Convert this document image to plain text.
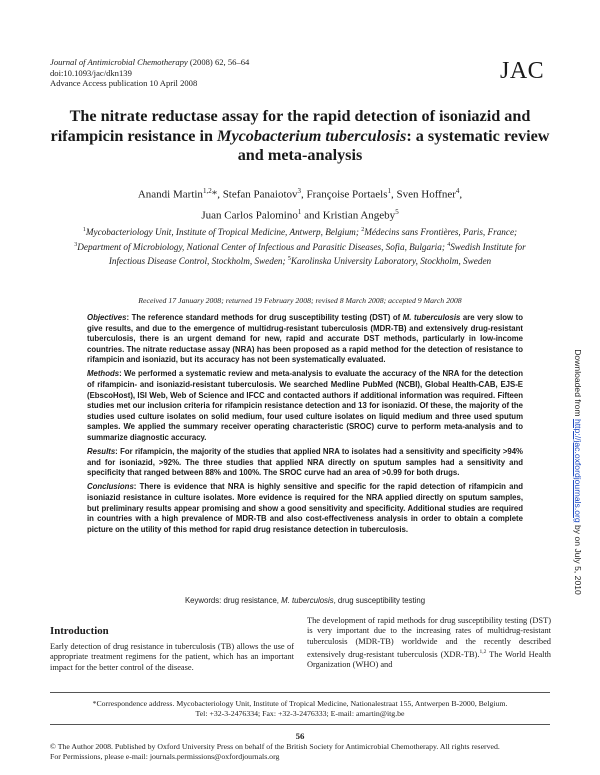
Journal of Antimicrobial Chemotherapy (2008) 62, 56–64
doi:10.1093/jac/dkn139
Advance Access publication 10 April 2008	JAC
The nitrate reductase assay for the rapid detection of isoniazid and rifampicin resistance in Mycobacterium tuberculosis: a systematic review and meta-analysis
Anandi Martin$^{1,2}$*, Stefan Panaiotov$^3$, Françoise Portaels$^1$, Sven Hoffner$^4$,
Juan Carlos Palomino$^1$ and Kristian Angeby$^5$
$^1$Mycobacteriology Unit, Institute of Tropical Medicine, Antwerp, Belgium; $^2$Médecins sans Frontières, Paris, France; $^3$Department of Microbiology, National Center of Infectious and Parasitic Diseases, Sofia, Bulgaria; $^4$Swedish Institute for Infectious Disease Control, Stockholm, Sweden; $^5$Karolinska University Laboratory, Stockholm, Sweden
Received 17 January 2008; returned 19 February 2008; revised 8 March 2008; accepted 9 March 2008

Objectives: The reference standard methods for drug susceptibility testing (DST) of M. tuberculosis are very slow to give results, and due to the emergence of multidrug-resistant tuberculosis (MDR-TB) and extensively drug-resistant tuberculosis, there is an urgent demand for new, rapid and accurate DST methods, particularly in low-income countries. The nitrate reductase assay (NRA) has been proposed as a rapid method for the detection of resistance to rifampicin and isoniazid, but its accuracy has not been systematically evaluated.

Methods: We performed a systematic review and meta-analysis to evaluate the accuracy of the NRA for the detection of rifampicin- and isoniazid-resistant tuberculosis. We searched Medline PubMed (NCBI), Global Health-CAB, EJS-E (EbscoHost), ISI Web, Web of Science and IFCC and contacted authors if additional information was required. Fifteen studies met our inclusion criteria for rifampicin resistance detection and 13 for isoniazid. Of these, the majority of the studies used culture isolates on solid medium, four used culture isolates on liquid medium and three used sputum samples. We applied the summary receiver operating characteristic (SROC) curve to perform meta-analysis and to summarize diagnostic accuracy.

Results: For rifampicin, the majority of the studies that applied NRA to isolates had a sensitivity and specificity >94% and for isoniazid, >92%. The three studies that applied NRA directly on sputum samples had a sensitivity and specificity that ranged between 88% and 100%. The SROC curve had an area of >0.99 for both drugs.

Conclusions: There is evidence that NRA is highly sensitive and specific for the rapid detection of rifampicin and isoniazid resistance in culture isolates. More evidence is required for the NRA applied directly on sputum samples, but preliminary results appear promising and show a good sensitivity and specificity. Additional studies are required in countries with a high prevalence of MDR-TB and also cost-effectiveness analysis in order to obtain a complete picture on the utility of this method for rapid drug resistance detection in tuberculosis.

Keywords: drug resistance, M. tuberculosis, drug susceptibility testing
Introduction
Early detection of drug resistance in tuberculosis (TB) allows the use of appropriate treatment regimens for the patient, which has an important impact for the better control of the disease.
The development of rapid methods for drug susceptibility testing (DST) is very important due to the increasing rates of multidrug-resistant tuberculosis (MDR-TB) worldwide and the recently described extensively drug-resistant tuberculosis (XDR-TB).$^{1,2}$ The World Health Organization (WHO) and
*Correspondence address. Mycobacteriology Unit, Institute of Tropical Medicine, Nationalestraat 155, Antwerpen B-2000, Belgium.
Tel: +32-3-2476334; Fax: +32-3-2476333; E-mail: amartin@itg.be
56
© The Author 2008. Published by Oxford University Press on behalf of the British Society for Antimicrobial Chemotherapy. All rights reserved.
For Permissions, please e-mail: journals.permissions@oxfordjournals.org
Downloaded from http://jac.oxfordjournals.org by on July 5, 2010
